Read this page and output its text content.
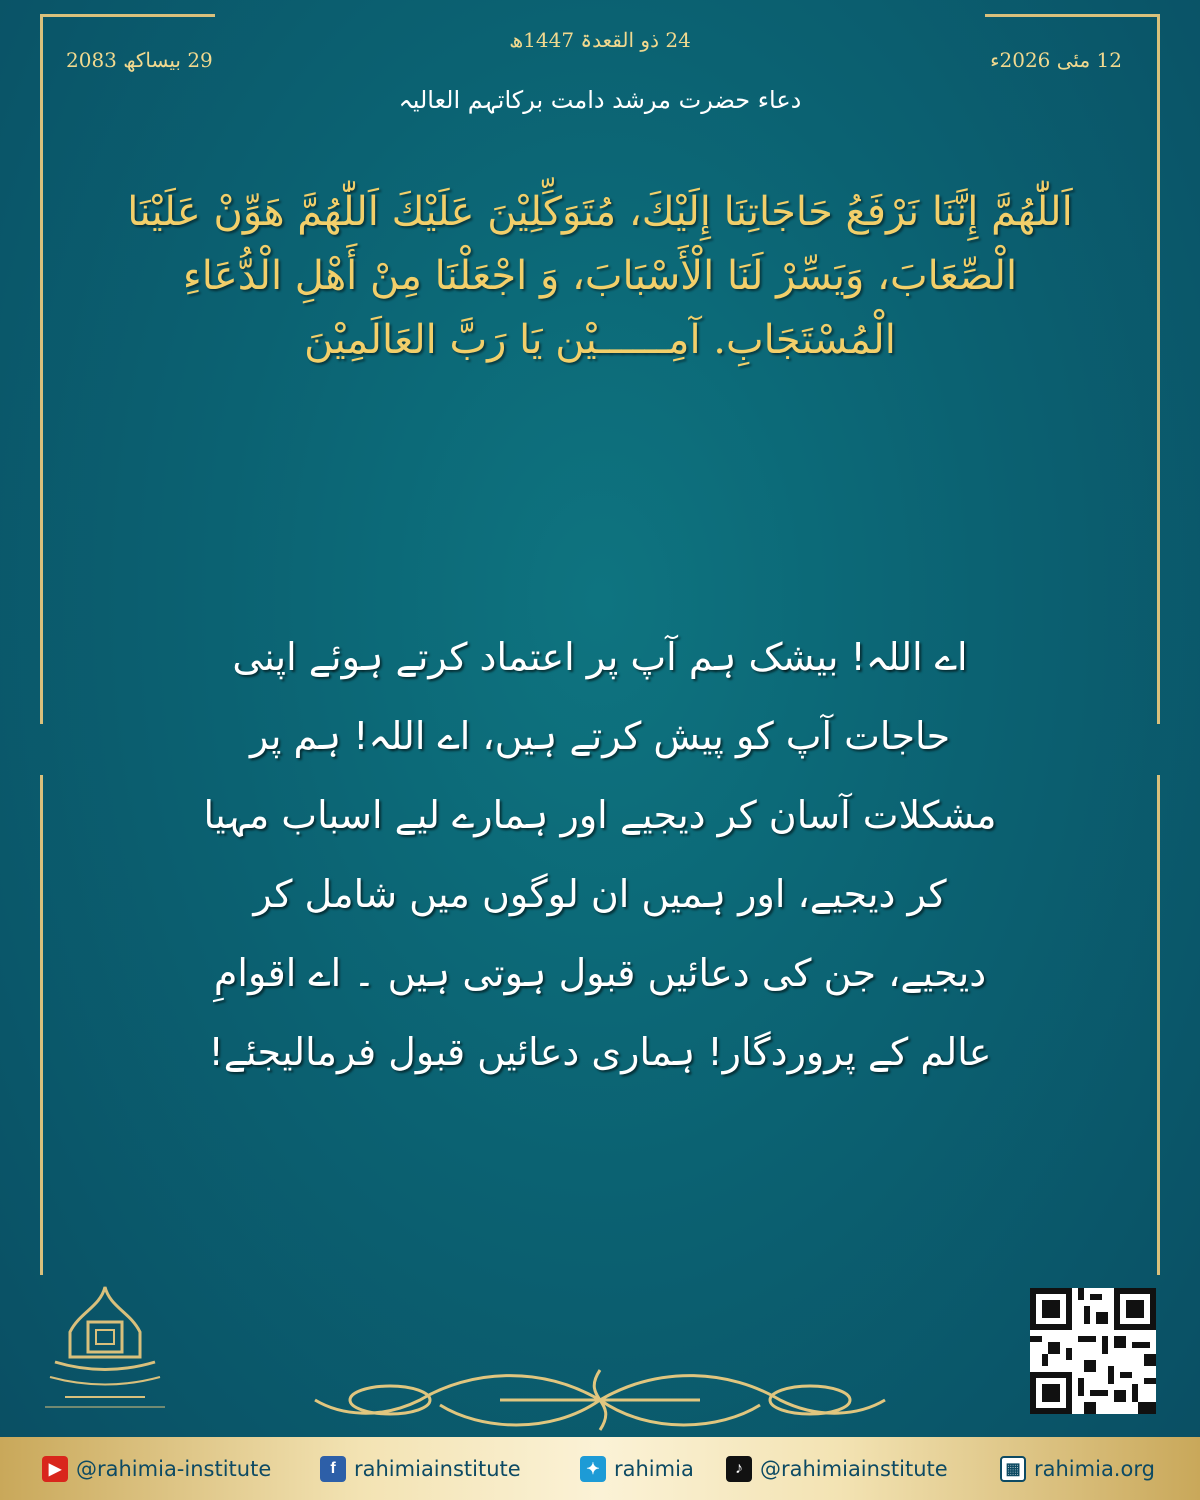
24 ذو القعدۃ 1447ھ
12 مئی 2026ء
29 بیساکھ 2083
دعاء حضرت مرشد دامت برکاتہم العالیہ
اَللّٰهُمَّ إِنَّنَا نَرْفَعُ حَاجَاتِنَا إِلَيْكَ، مُتَوَكِّلِيْنَ عَلَيْكَ اَللّٰهُمَّ هَوِّنْ عَلَيْنَا الْصِّعَابَ، وَيَسِّرْ لَنَا الْأَسْبَابَ، وَ اجْعَلْنَا مِنْ أَهْلِ الْدُّعَاءِ الْمُسْتَجَابِ. آمِــــــيْن يَا رَبَّ العَالَمِيْنَ
اے اللہ! بیشک ہم آپ پر اعتماد کرتے ہوئے اپنی حاجات آپ کو پیش کرتے ہیں، اے اللہ! ہم پر مشکلات آسان کر دیجیے اور ہمارے لیے اسباب مہیا کر دیجیے، اور ہمیں ان لوگوں میں شامل کر دیجیے، جن کی دعائیں قبول ہوتی ہیں ۔ اے اقوامِ عالم کے پروردگار! ہماری دعائیں قبول فرمالیجئے!
▶ @rahimia-institute	f rahimiainstitute	✦ rahimia	♪ @rahimiainstitute	▦ rahimia.org
